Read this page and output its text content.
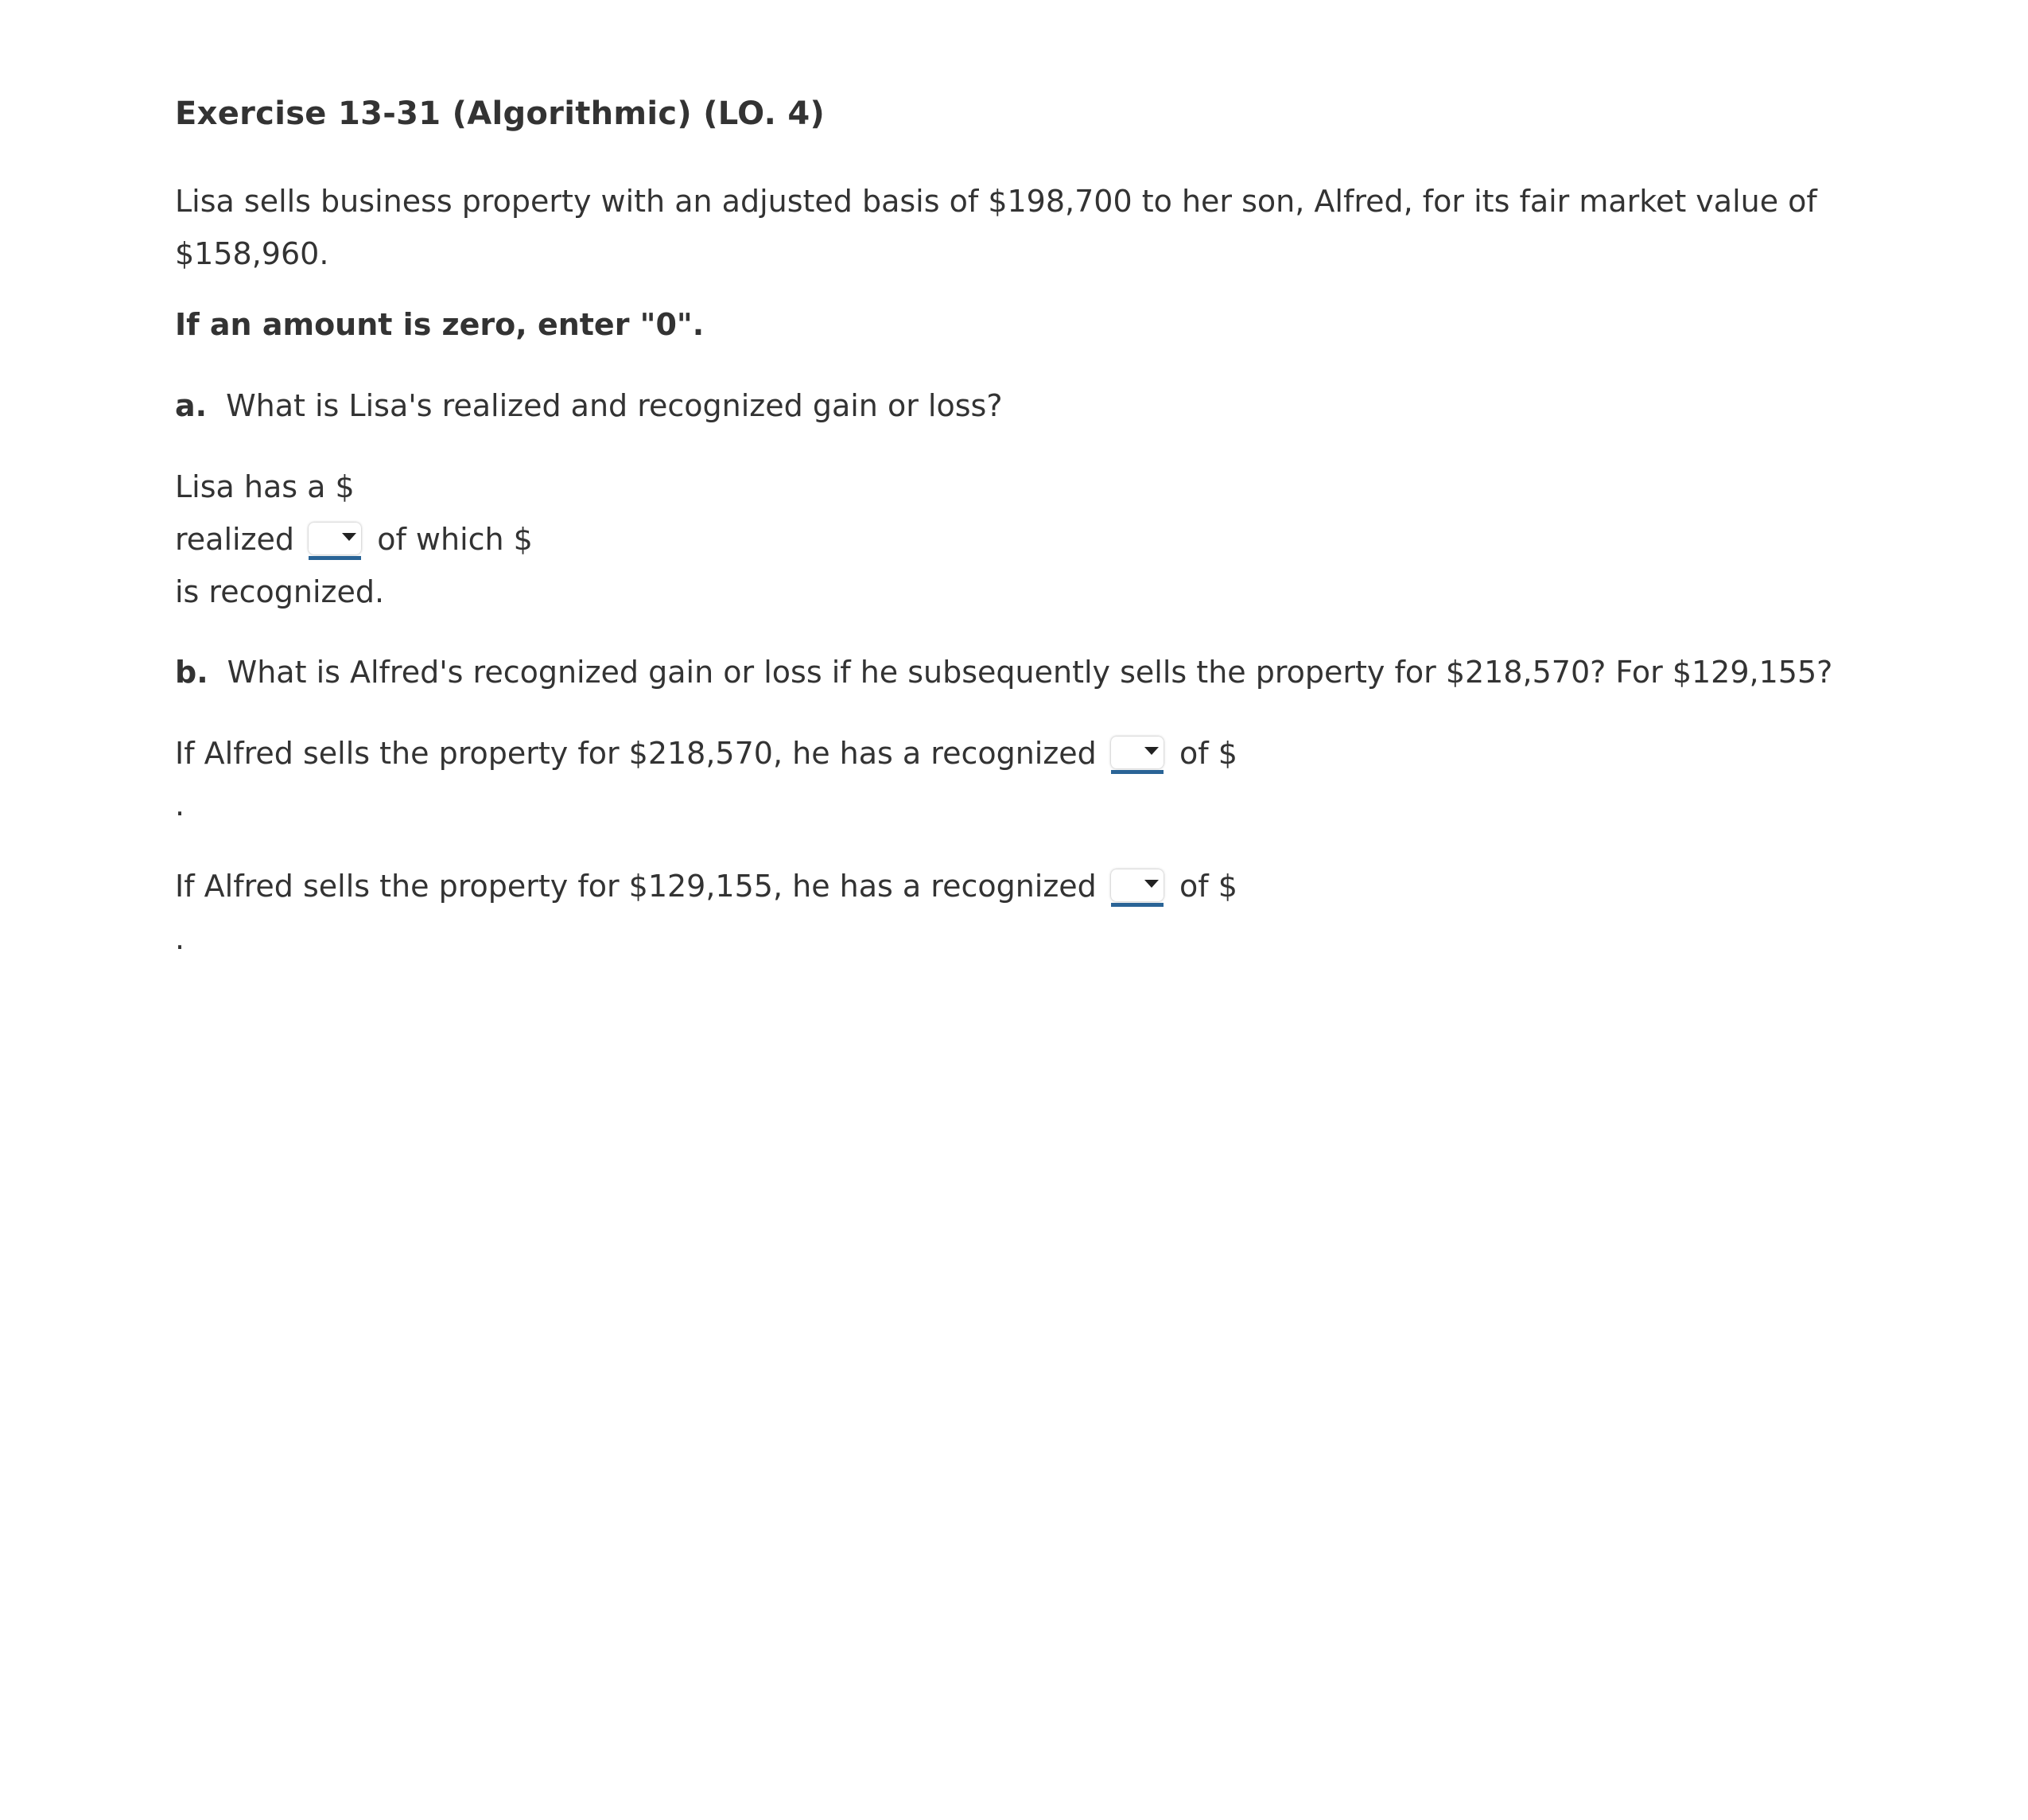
Exercise 13-31 (Algorithmic) (LO. 4)
Lisa sells business property with an adjusted basis of $198,700 to her son, Alfred, for its fair market value of $158,960.
If an amount is zero, enter "0".
a. What is Lisa's realized and recognized gain or loss?
Lisa has a $
realized	of which $
is recognized.
b. What is Alfred's recognized gain or loss if he subsequently sells the property for $218,570? For $129,155?
If Alfred sells the property for $218,570, he has a recognized	of $
.
If Alfred sells the property for $129,155, he has a recognized	of $
.
